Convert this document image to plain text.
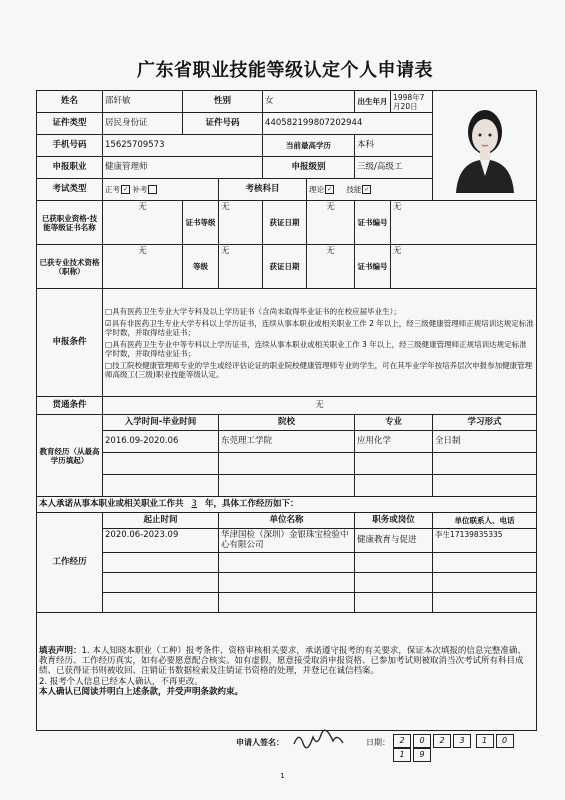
广东省职业技能等级认定个人申请表
姓名	邵轩敏	性别		女		出生年月	1998年7月20日	

证件类型	居民身份证	证件号码		440582199807202944				
手机号码	15625709573			当前最高学历		本科		
申报职业	健康管理师			申报级别		三级/高级工		
考试类型	正考 ✓ 补考		考核科目		理论 ✓ 技能 ✓			
已获职业资格·技能等级证书名称	无	证书等级	无	获证日期	无	证书编号	无	
已获专业技术资格（职称）	无	等级	无	获证日期	无	证书编号	无	
申报条件	□具有医药卫生专业大学专科及以上学历证书（含尚未取得毕业证书的在校应届毕业生）；

☑具有非医药卫生专业大学专科以上学历证书，连续从事本职业或相关职业工作 2 年以上，经三级健康管理师正规培训达规定标准学时数，并取得结业证书；

□具有医药卫生专业中等专科以上学历证书，连续从事本职业或相关职业工作 3 年以上，经三级健康管理师正规培训达规定标准学时数，并取得结业证书；

□技工院校健康管理师专业的学生或经评估论证的职业院校健康管理师专业的学生，可在其毕业学年按培养层次申报参加健康管理师高级工(三级)职业技能等级认定。							

贯通条件	无							
教育经历（从最高学历填起）	入学时间-毕业时间		院校			专业		学习形式
	2016.09-2020.06		东莞理工学院			应用化学		全日制

本人承诺从事本职业或相关职业工作共 3 年，具体工作经历如下：								
工作经历	起止时间		单位名称			职务或岗位		单位联系人、电话
	2020.06-2023.09		华津国检（深圳）金银珠宝检验中心有限公司			健康教育与促进		李生17139835335

填表声明：1. 本人知晓本职业（工种）报考条件、资格审核相关要求，承诺遵守报考的有关要求，保证本次填报的信息完整准确、教育经历、工作经历真实，如有必要愿意配合核实。如有虚假，愿意接受取消申报资格、已参加考试则被取消当次考试所有科目成绩、已获得证书则被收回、注销证书数据检索及注销证书资格的处理，并登记在诚信档案。
2. 报考个人信息已经本人确认，不再更改。
本人确认已阅读并明白上述条款，并受声明条款约束。								
申请人签名：	日期：	2 0 2 3 1 0 1 9
1
